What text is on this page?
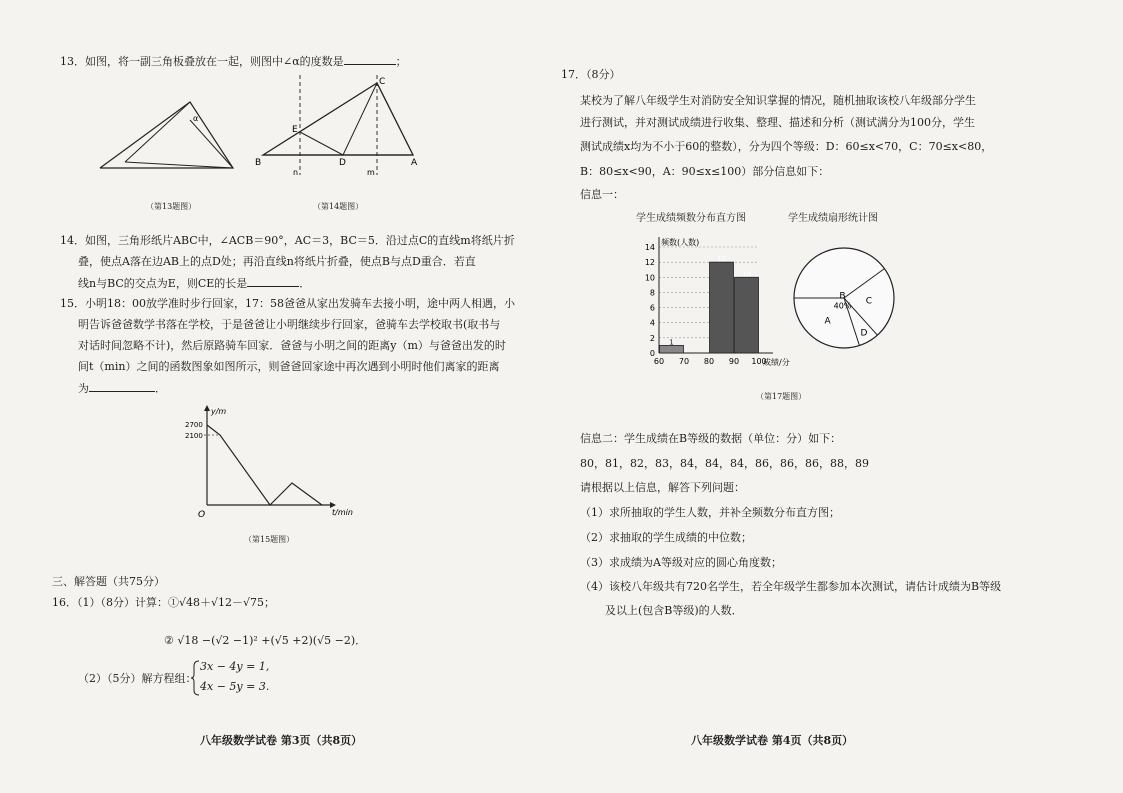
13．如图，将一副三角板叠放在一起，则图中∠α的度数是	；
α
（第13题图）
B
E
D	A
C
n	m
（第14题图）
14．如图，三角形纸片ABC中，∠ACB＝90°，AC＝3，BC＝5．沿过点C的直线m将纸片折
叠，使点A落在边AB上的点D处；再沿直线n将纸片折叠，使点B与点D重合．若直
线n与BC的交点为E，则CE的长是	．
15．小明18：00放学准时步行回家，17：58爸爸从家出发骑车去接小明，途中两人相遇，小
明告诉爸爸数学书落在学校，于是爸爸让小明继续步行回家，爸骑车去学校取书(取书与
对话时间忽略不计)，然后原路骑车回家．爸爸与小明之间的距离y（m）与爸爸出发的时
间t（min）之间的函数图象如图所示，则爸爸回家途中再次遇到小明时他们离家的距离
为	．
2700
2100
y/m
t/min
O
（第15题图）
三、解答题（共75分）
16．（1）（8分）计算：①√48＋√12－√75；
② √18 −(√2 −1)² +(√5 +2)(√5 −2)．
（2）（5分）解方程组：
3x − 4y = 1,
4x − 5y = 3.
八年级数学试卷 第3页（共8页）
17．（8分）
某校为了解八年级学生对消防安全知识掌握的情况，随机抽取该校八年级部分学生
进行测试，并对测试成绩进行收集、整理、描述和分析（测试满分为100分，学生
测试成绩x均为不小于60的整数），分为四个等级：D：60≤x<70，C：70≤x<80，
B：80≤x<90，A：90≤x≤100）部分信息如下：
信息一：
学生成绩频数分布直方图
0
2
4
6
8
10
12
14
1
12
10
60 70 80 90 100
频数(人数)
成绩/分
学生成绩扇形统计图
B
40% C
D
A
（第17题图）
信息二：学生成绩在B等级的数据（单位：分）如下：
80，81，82，83，84，84，84，86，86，86，88，89
请根据以上信息，解答下列问题：
（1）求所抽取的学生人数，并补全频数分布直方图；
（2）求抽取的学生成绩的中位数；
（3）求成绩为A等级对应的圆心角度数；
（4）该校八年级共有720名学生，若全年级学生都参加本次测试，请估计成绩为B等级
及以上(包含B等级)的人数．
八年级数学试卷 第4页（共8页）
